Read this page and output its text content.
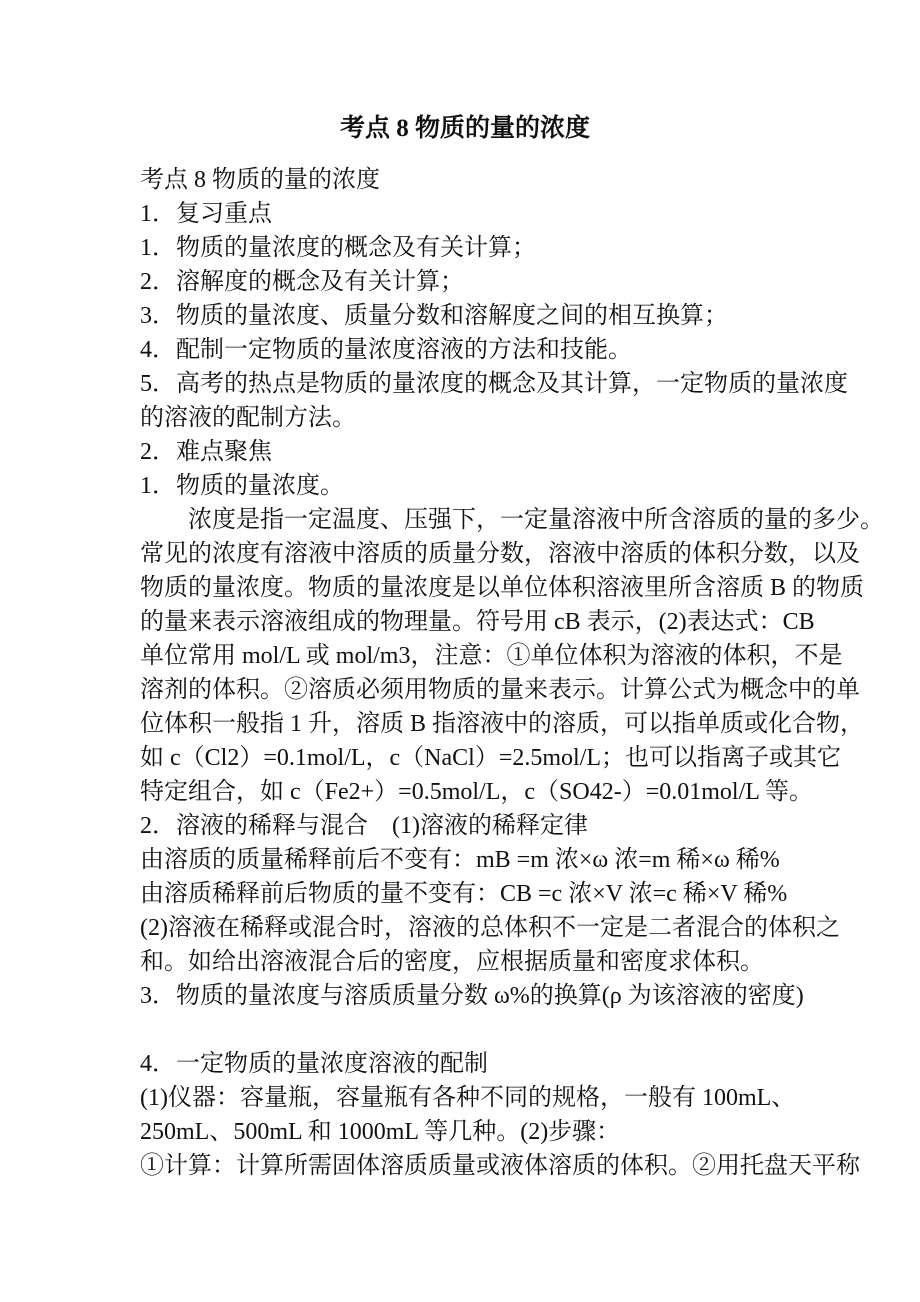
考点 8 物质的量的浓度
考点 8 物质的量的浓度
1．复习重点
1．物质的量浓度的概念及有关计算；
2．溶解度的概念及有关计算；
3．物质的量浓度、质量分数和溶解度之间的相互换算；
4．配制一定物质的量浓度溶液的方法和技能。
5．高考的热点是物质的量浓度的概念及其计算，一定物质的量浓度
的溶液的配制方法。
2．难点聚焦
1．物质的量浓度。
　　浓度是指一定温度、压强下，一定量溶液中所含溶质的量的多少。
常见的浓度有溶液中溶质的质量分数，溶液中溶质的体积分数，以及
物质的量浓度。物质的量浓度是以单位体积溶液里所含溶质 B 的物质
的量来表示溶液组成的物理量。符号用 cB 表示，(2)表达式：CB
单位常用 mol/L 或 mol/m3，注意：①单位体积为溶液的体积，不是
溶剂的体积。②溶质必须用物质的量来表示。计算公式为概念中的单
位体积一般指 1 升，溶质 B 指溶液中的溶质，可以指单质或化合物，
如 c（Cl2）=0.1mol/L，c（NaCl）=2.5mol/L；也可以指离子或其它
特定组合，如 c（Fe2+）=0.5mol/L，c（SO42-）=0.01mol/L 等。
2．溶液的稀释与混合　(1)溶液的稀释定律
由溶质的质量稀释前后不变有：mB =m 浓×ω 浓=m 稀×ω 稀%
由溶质稀释前后物质的量不变有：CB =c 浓×V 浓=c 稀×V 稀%
(2)溶液在稀释或混合时，溶液的总体积不一定是二者混合的体积之
和。如给出溶液混合后的密度，应根据质量和密度求体积。
3．物质的量浓度与溶质质量分数 ω%的换算(ρ 为该溶液的密度)
4．一定物质的量浓度溶液的配制
(1)仪器：容量瓶，容量瓶有各种不同的规格，一般有 100mL、
250mL、500mL 和 1000mL 等几种。(2)步骤：
①计算：计算所需固体溶质质量或液体溶质的体积。②用托盘天平称
